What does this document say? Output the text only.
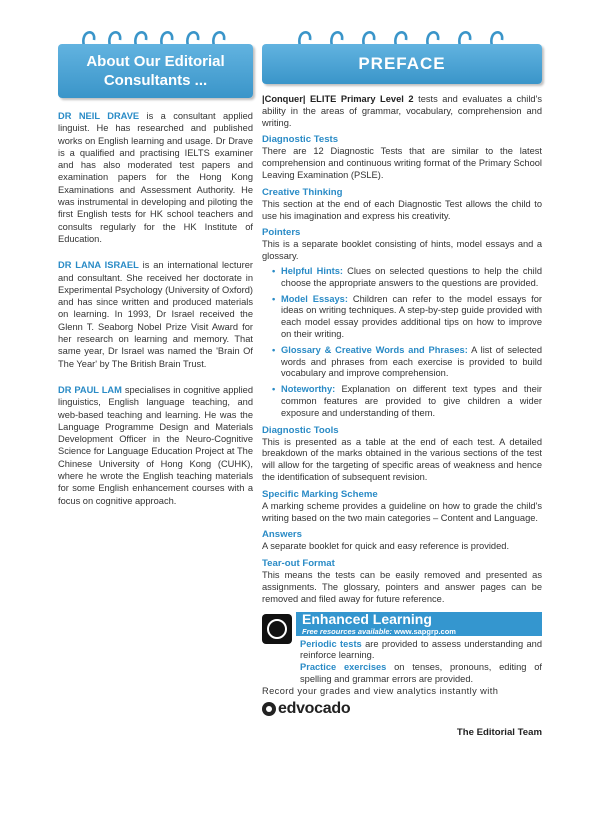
About Our Editorial Consultants ...

DR NEIL DRAVE is a consultant applied linguist. He has researched and published works on English learning and usage. Dr Drave is a qualified and practising IELTS examiner and has also moderated test papers and examination papers for the Hong Kong Examinations and Assessment Authority. He was instrumental in developing and piloting the first English tests for HK school teachers and consults regularly for the HK Institute of Education.

DR LANA ISRAEL is an international lecturer and consultant. She received her doctorate in Experimental Psychology (University of Oxford) and has since written and produced materials on learning. In 1993, Dr Israel received the Glenn T. Seaborg Nobel Prize Visit Award for her research on learning and memory. That same year, Dr Israel was named the 'Brain Of The Year' by The British Brain Trust.

DR PAUL LAM specialises in cognitive applied linguistics, English language teaching, and web-based teaching and learning. He was the Language Programme Design and Materials Development Officer in the Neuro-Cognitive Science for Language Education Project at The Chinese University of Hong Kong (CUHK), where he wrote the English teaching materials for some English enhancement courses with a focus on cognitive approach.

PREFACE

|Conquer| ELITE Primary Level 2 tests and evaluates a child's ability in the areas of grammar, vocabulary, comprehension and writing.

Diagnostic Tests

There are 12 Diagnostic Tests that are similar to the latest comprehension and continuous writing format of the Primary School Leaving Examination (PSLE).

Creative Thinking

This section at the end of each Diagnostic Test allows the child to use his imagination and express his creativity.

Pointers

This is a separate booklet consisting of hints, model essays and a glossary.

• Helpful Hints: Clues on selected questions to help the child choose the appropriate answers to the questions are provided.
• Model Essays: Children can refer to the model essays for ideas on writing techniques. A step-by-step guide provided with each model essay provides additional tips on how to improve on their writing.
• Glossary & Creative Words and Phrases: A list of selected words and phrases from each exercise is provided to build vocabulary and improve comprehension.
• Noteworthy: Explanation on different text types and their common features are provided to give children a wider exposure and understanding of them.
Diagnostic Tools

This is presented as a table at the end of each test. A detailed breakdown of the marks obtained in the various sections of the test will allow for the targeting of specific areas of weakness and hence the identification of subsequent revision.

Specific Marking Scheme

A marking scheme provides a guideline on how to grade the child's writing based on the two main categories – Content and Language.

Answers

A separate booklet for quick and easy reference is provided.

Tear-out Format

This means the tests can be easily removed and presented as assignments. The glossary, pointers and answer pages can be removed and filed away for future reference.

Enhanced Learning
Free resources available: www.sapgrp.com

Periodic tests are provided to assess understanding and reinforce learning.

Practice exercises on tenses, pronouns, editing of spelling and grammar errors are provided.

Record your grades and view analytics instantly with

edvocado
The Editorial Team
